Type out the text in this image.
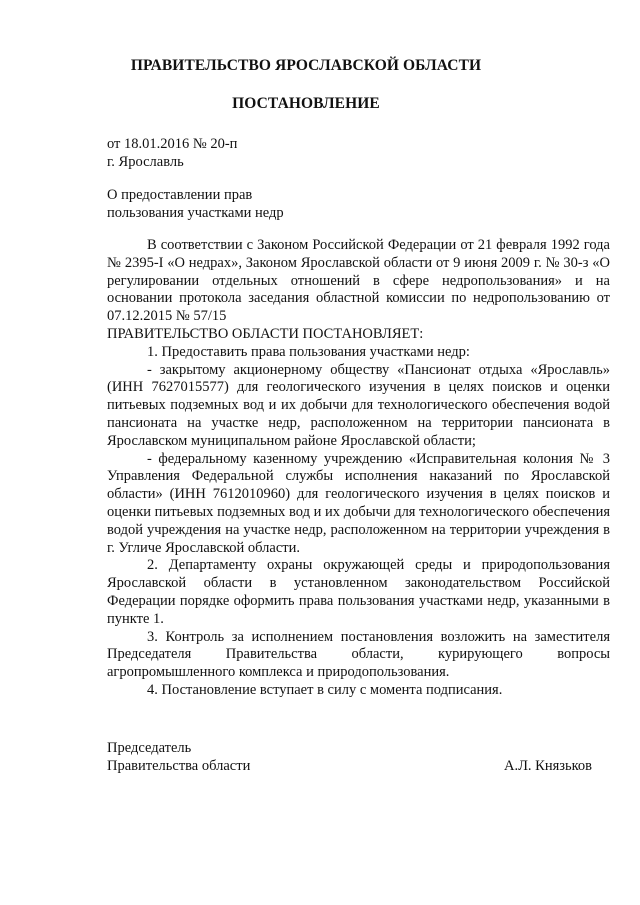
ПРАВИТЕЛЬСТВО ЯРОСЛАВСКОЙ ОБЛАСТИ
ПОСТАНОВЛЕНИЕ
от 18.01.2016 № 20-п
г. Ярославль
О предоставлении прав
пользования участками недр

В соответствии с Законом Российской Федерации от 21 февраля 1992 года № 2395-I «О недрах», Законом Ярославской области от 9 июня 2009 г. № 30-з «О регулировании отдельных отношений в сфере недропользования» и на основании протокола заседания областной комиссии по недропользованию от 07.12.2015 № 57/15

ПРАВИТЕЛЬСТВО ОБЛАСТИ ПОСТАНОВЛЯЕТ:

1. Предоставить права пользования участками недр:

- закрытому акционерному обществу «Пансионат отдыха «Ярославль» (ИНН 7627015577) для геологического изучения в целях поисков и оценки питьевых подземных вод и их добычи для технологического обеспечения водой пансионата на участке недр, расположенном на территории пансионата в Ярославском муниципальном районе Ярославской области;

- федеральному казенному учреждению «Исправительная колония № 3 Управления Федеральной службы исполнения наказаний по Ярославской области» (ИНН 7612010960) для геологического изучения в целях поисков и оценки питьевых подземных вод и их добычи для технологического обеспечения водой учреждения на участке недр, расположенном на территории учреждения в г. Угличе Ярославской области.

2. Департаменту охраны окружающей среды и природопользования Ярославской области в установленном законодательством Российской Федерации порядке оформить права пользования участками недр, указанными в пункте 1.

3. Контроль за исполнением постановления возложить на заместителя Председателя Правительства области, курирующего вопросы агропромышленного комплекса и природопользования.

4. Постановление вступает в силу с момента подписания.

Председатель
Правительства области	А.Л. Князьков
